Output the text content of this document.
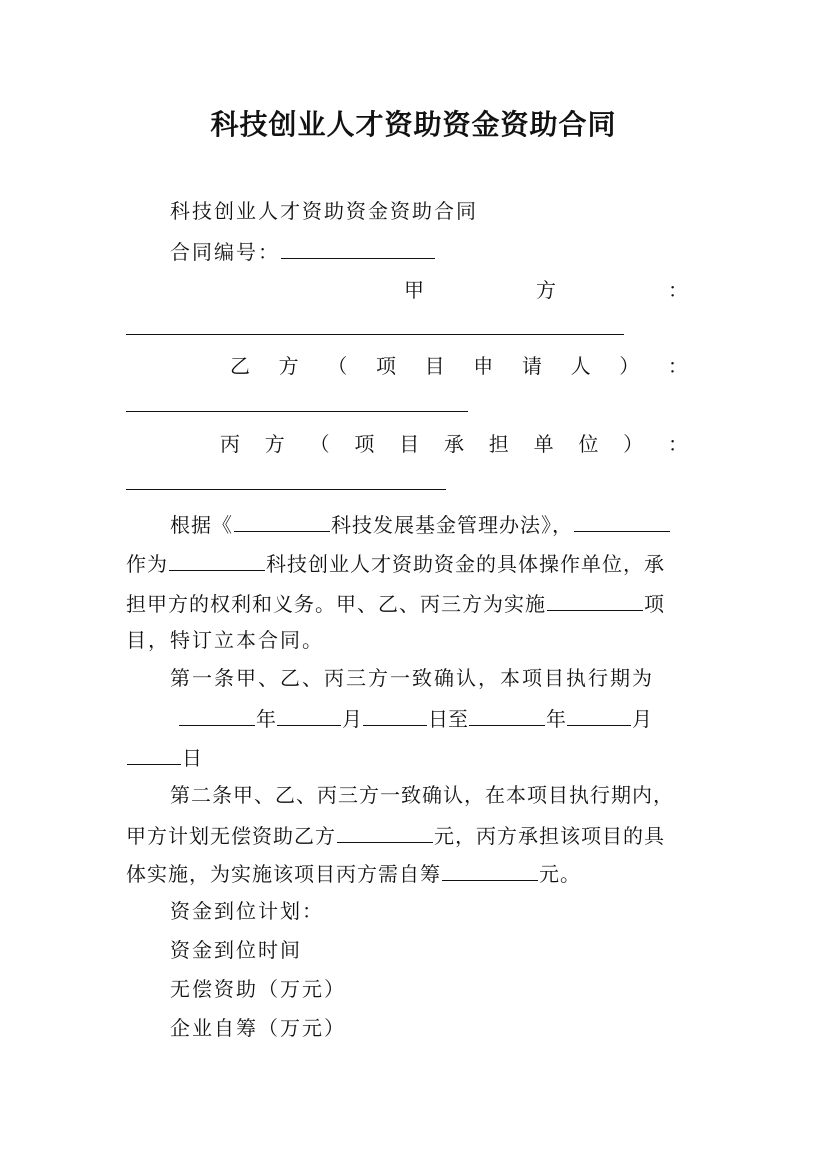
科技创业人才资助资金资助合同
科技创业人才资助资金资助合同
合同编号：
甲	方	：
乙 方 （ 项 目 申 请 人 ） ：
丙 方 （ 项 目 承 担 单 位 ） ：
根据《	科技发展基金管理办法》，
作为	科技创业人才资助资金的具体操作单位，承
担甲方的权利和义务。甲、乙、丙三方为实施	项
目，特订立本合同。
第一条甲、乙、丙三方一致确认，本项目执行期为
年	月	日至	年	月
日
第二条甲、乙、丙三方一致确认，在本项目执行期内，
甲方计划无偿资助乙方	元，丙方承担该项目的具
体实施，为实施该项目丙方需自筹	元。
资金到位计划：
资金到位时间
无偿资助（万元）
企业自筹（万元）
